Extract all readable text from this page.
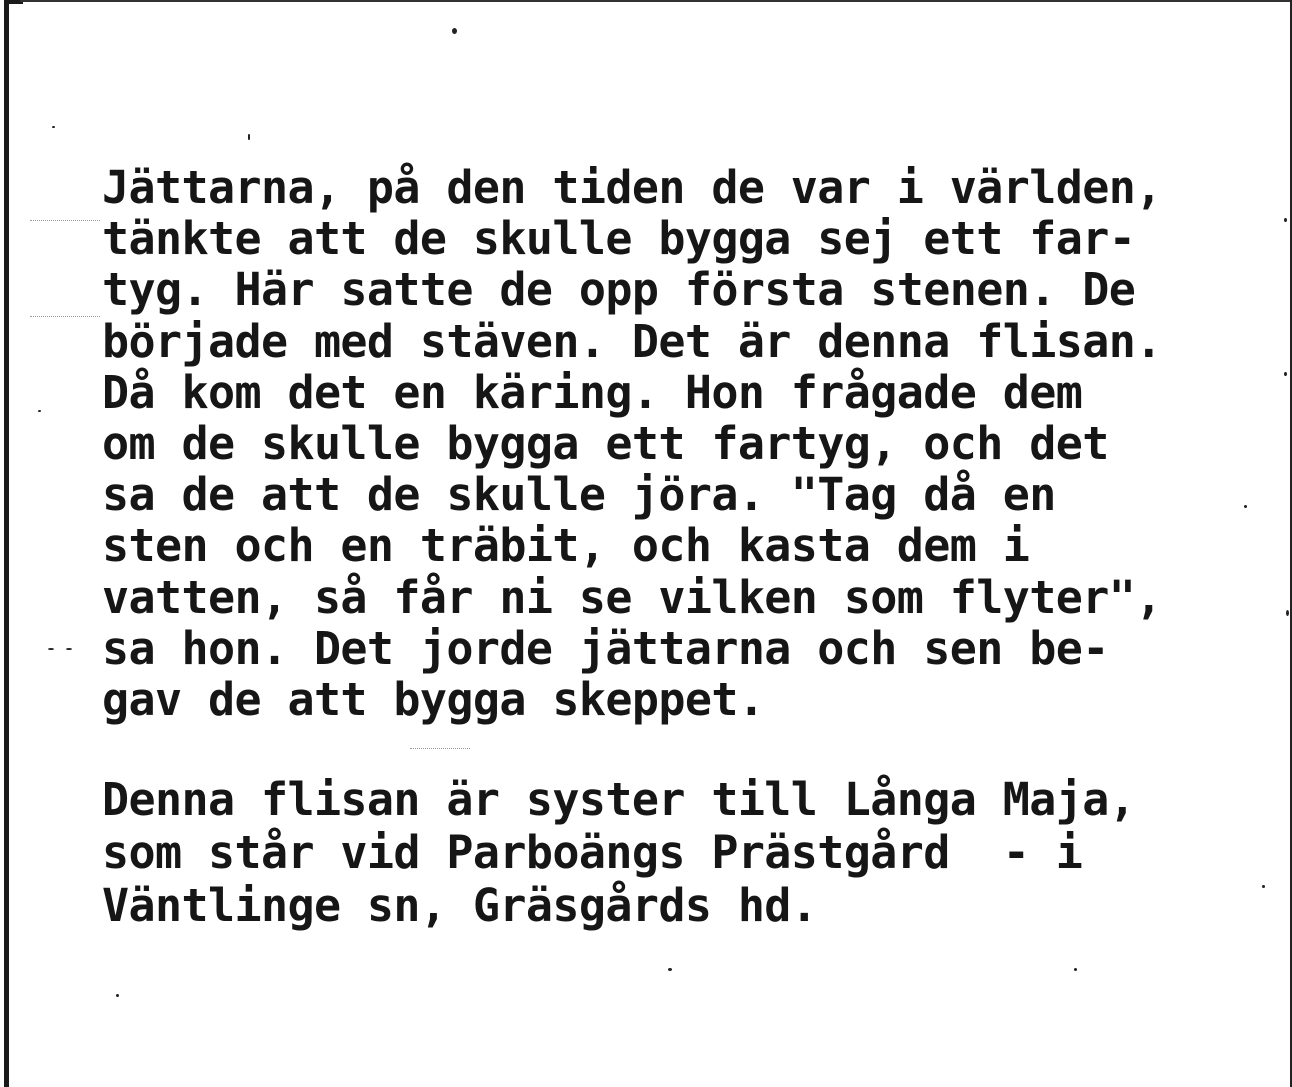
Jättarna, på den tiden de var i världen,
tänkte att de skulle bygga sej ett far-
tyg. Här satte de opp första stenen. De
började med stäven. Det är denna flisan.
Då kom det en käring. Hon frågade dem
om de skulle bygga ett fartyg, och det
sa de att de skulle jöra. "Tag då en
sten och en träbit, och kasta dem i
vatten, så får ni se vilken som flyter",
sa hon. Det jorde jättarna och sen be-
gav de att bygga skeppet.
Denna flisan är syster till Långa Maja,
som står vid Parboängs Prästgård  - i
Väntlinge sn, Gräsgårds hd.
